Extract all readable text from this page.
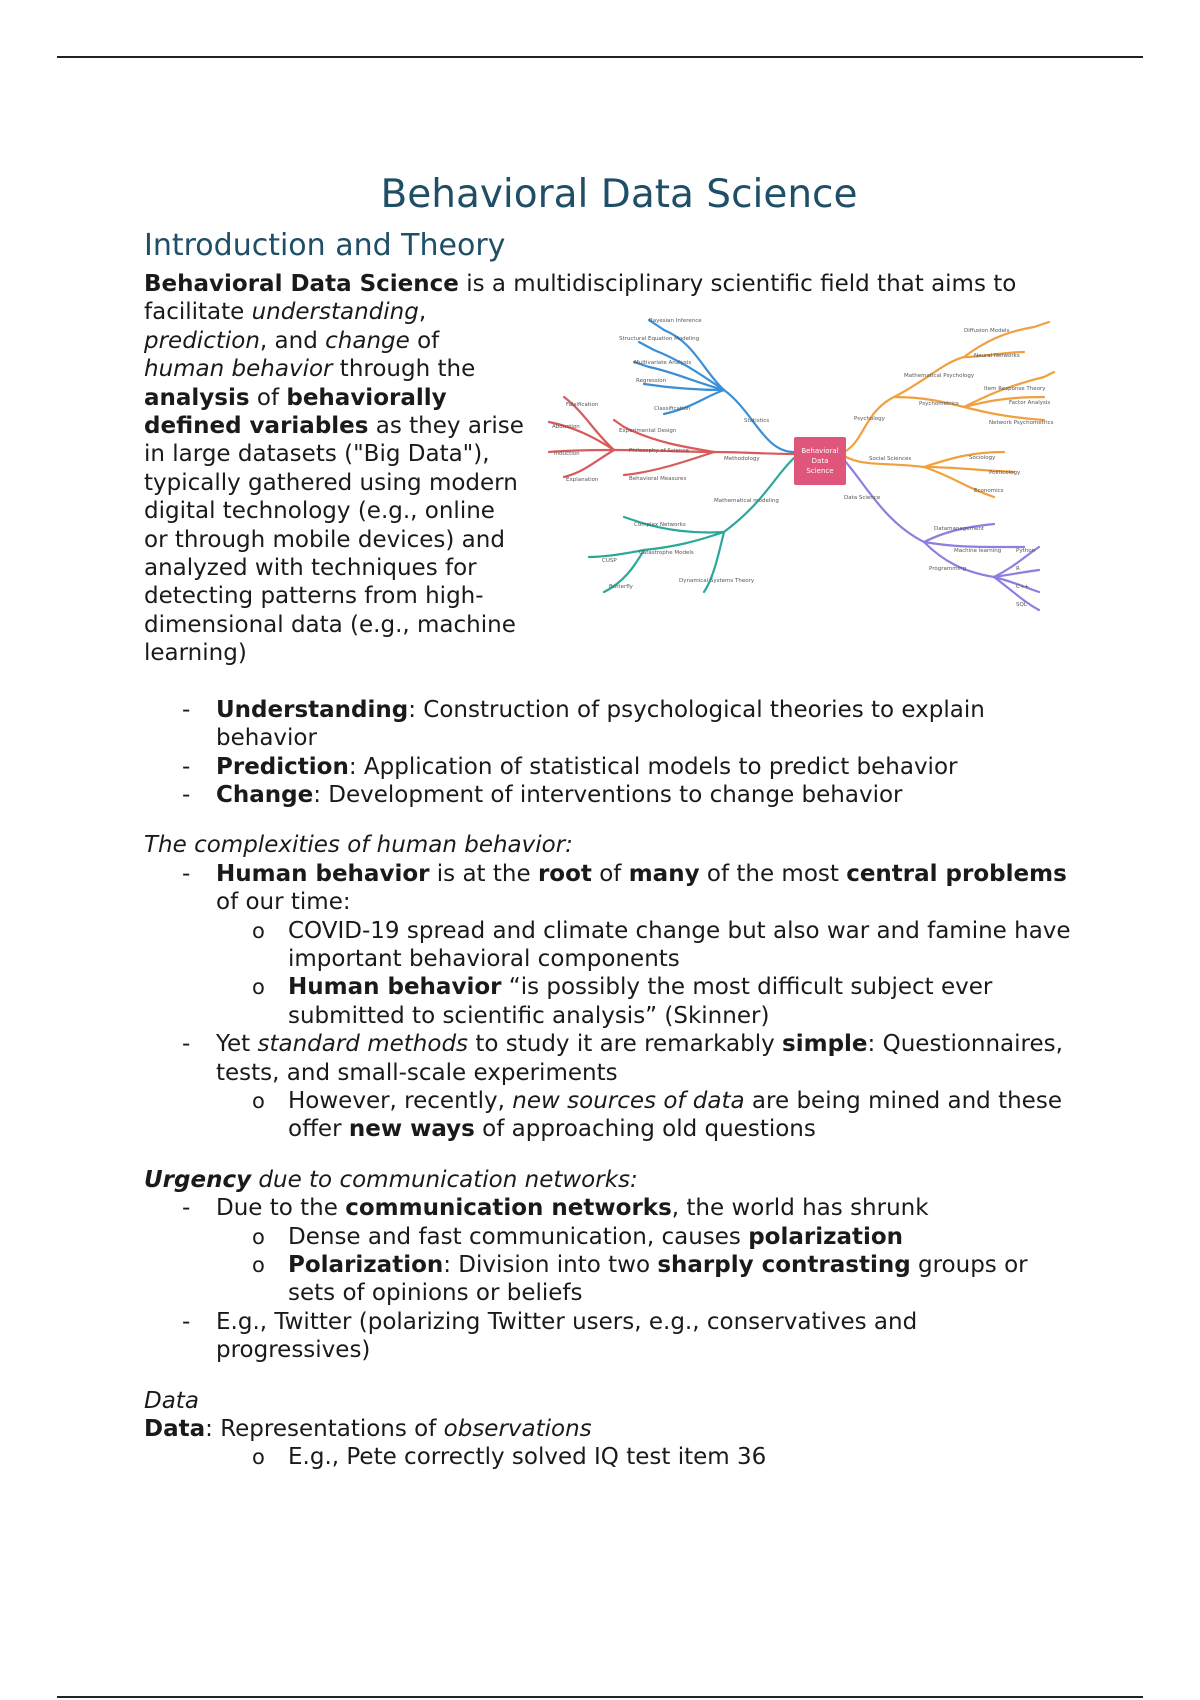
Behavioral Data Science
Introduction and Theory

Behavioral Data Science is a multidisciplinary scientific field that aims to facilitate
Behavioral
Data
Science
Statistics
Bayesian Inference
Structural Equation Modeling
Multivariate Analysis
Regression
Classification
Methodology
Experimental Design
Philosophy of Science
Behavioral Measures
Falsification
Abduction
Induction
Explanation
Mathematical modeling
Complex Networks
Catastrophe Models
Dynamical Systems Theory
CUSP
Butterfly
Psychology
Mathematical Psychology
Psychometrics
Diffusion Models
Neural Networks
Item Response Theory
Factor Analysis
Network Psychometrics
Social Sciences	Sociology
Politicology
Economics
Data Science
Datamanagement
Machine learning
Programming
Python
R
C++
SQL
understanding, prediction, and change of human behavior through the analysis of behaviorally defined variables as they arise in large datasets ("Big Data"), typically gathered using modern digital technology (e.g., online or through mobile devices) and analyzed with techniques for detecting patterns from high-dimensional data (e.g., machine learning)

- Understanding: Construction of psychological theories to explain behavior
- Prediction: Application of statistical models to predict behavior
- Change: Development of interventions to change behavior

The complexities of human behavior:

- Human behavior is at the root of many of the most central problems of our time:
o COVID-19 spread and climate change but also war and famine have important behavioral components
o Human behavior “is possibly the most difficult subject ever submitted to scientific analysis” (Skinner)
- Yet standard methods to study it are remarkably simple: Questionnaires, tests, and small-scale experiments
o However, recently, new sources of data are being mined and these offer new ways of approaching old questions

Urgency due to communication networks:

- Due to the communication networks, the world has shrunk
o Dense and fast communication, causes polarization
o Polarization: Division into two sharply contrasting groups or sets of opinions or beliefs
- E.g., Twitter (polarizing Twitter users, e.g., conservatives and progressives)

Data

Data: Representations of observations

o E.g., Pete correctly solved IQ test item 36
